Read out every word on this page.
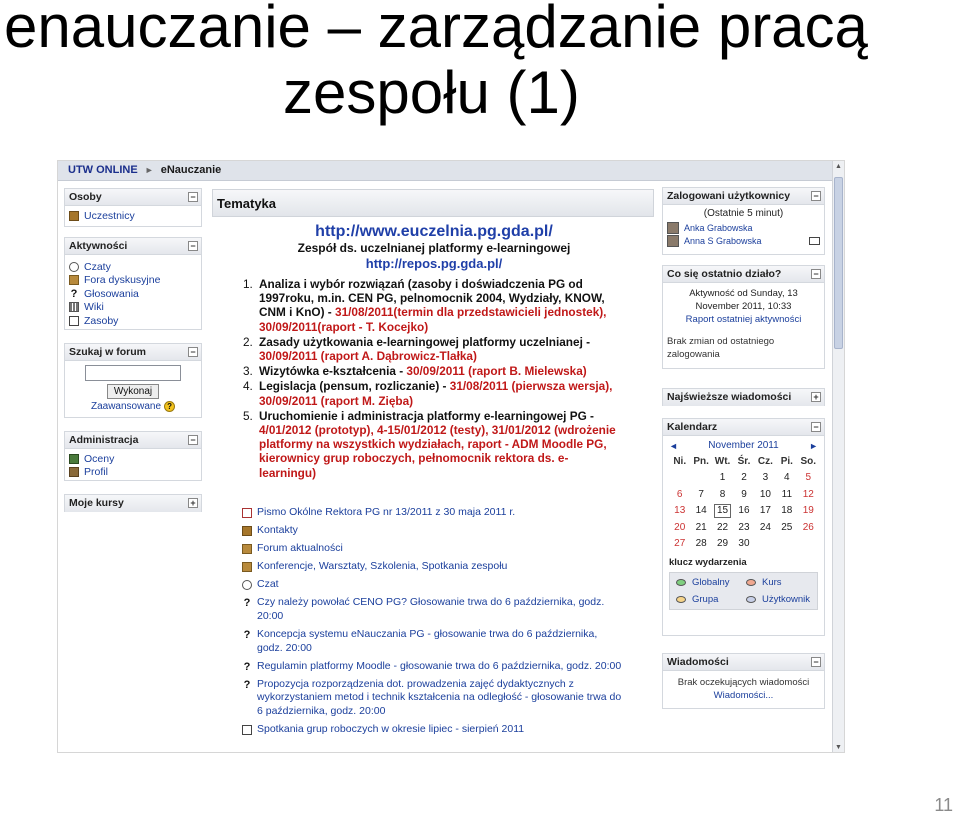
enauczanie – zarządzanie pracą
zespołu (1)
UTW ONLINE ► eNauczanie
Osoby	−
Uczestnicy
Aktywności	−
Czaty
Fora dyskusyjne
? Głosowania
Wiki
Zasoby
Szukaj w forum	−
Wykonaj
Zaawansowane ?
Administracja	−
Oceny
Profil
Moje kursy	+
Tematyka
http://www.euczelnia.pg.gda.pl/
Zespół ds. uczelnianej platformy e-learningowej
http://repos.pg.gda.pl/
1. Analiza i wybór rozwiązań (zasoby i doświadczenia PG od 1997roku, m.in. CEN PG, pelnomocnik 2004, Wydziały, KNOW, CNM i KnO) - 31/08/2011(termin dla przedstawicieli jednostek), 30/09/2011(raport - T. Kocejko)
2. Zasady użytkowania e-learningowej platformy uczelnianej - 30/09/2011 (raport A. Dąbrowicz-Tlałka)
3. Wizytówka e-kształcenia - 30/09/2011 (raport B. Mielewska)
4. Legislacja (pensum, rozliczanie) - 31/08/2011 (pierwsza wersja), 30/09/2011 (raport M. Zięba)
5. Uruchomienie i administracja platformy e-learningowej PG - 4/01/2012 (prototyp), 4-15/01/2012 (testy), 31/01/2012 (wdrożenie platformy na wszystkich wydziałach, raport - ADM Moodle PG, kierownicy grup roboczych, pełnomocnik rektora ds. e-learningu)
Pismo Okólne Rektora PG nr 13/2011 z 30 maja 2011 r.
Kontakty
Forum aktualności
Konferencje, Warsztaty, Szkolenia, Spotkania zespołu
Czat
? Czy należy powołać CENO PG? Głosowanie trwa do 6 października, godz. 20:00
? Koncepcja systemu eNauczania PG - głosowanie trwa do 6 października, godz. 20:00
? Regulamin platformy Moodle - głosowanie trwa do 6 października, godz. 20:00
? Propozycja rozporządzenia dot. prowadzenia zajęć dydaktycznych z wykorzystaniem metod i technik kształcenia na odległość - głosowanie trwa do 6 października, godz. 20:00
Spotkania grup roboczych w okresie lipiec - sierpień 2011
Zalogowani użytkownicy	−
(Ostatnie 5 minut)
Anka Grabowska
Anna S Grabowska
Co się ostatnio działo?	−
Aktywność od Sunday, 13
November 2011, 10:33
Raport ostatniej aktywności
Brak zmian od ostatniego zalogowania
Najświeższe wiadomości +
Kalendarz	−
◄	November 2011	►
Ni.	Pn.	Wt.	Śr.	Cz.	Pi.	So.
		1	2	3	4	5
6	7	8	9	10	11	12
13	14	15	16	17	18	19
20	21	22	23	24	25	26
27	28	29	30			
klucz wydarzenia
Globalny	Kurs
Grupa	Użytkownik
Wiadomości	−
Brak oczekujących wiadomości
Wiadomości...
▲
▼
11
